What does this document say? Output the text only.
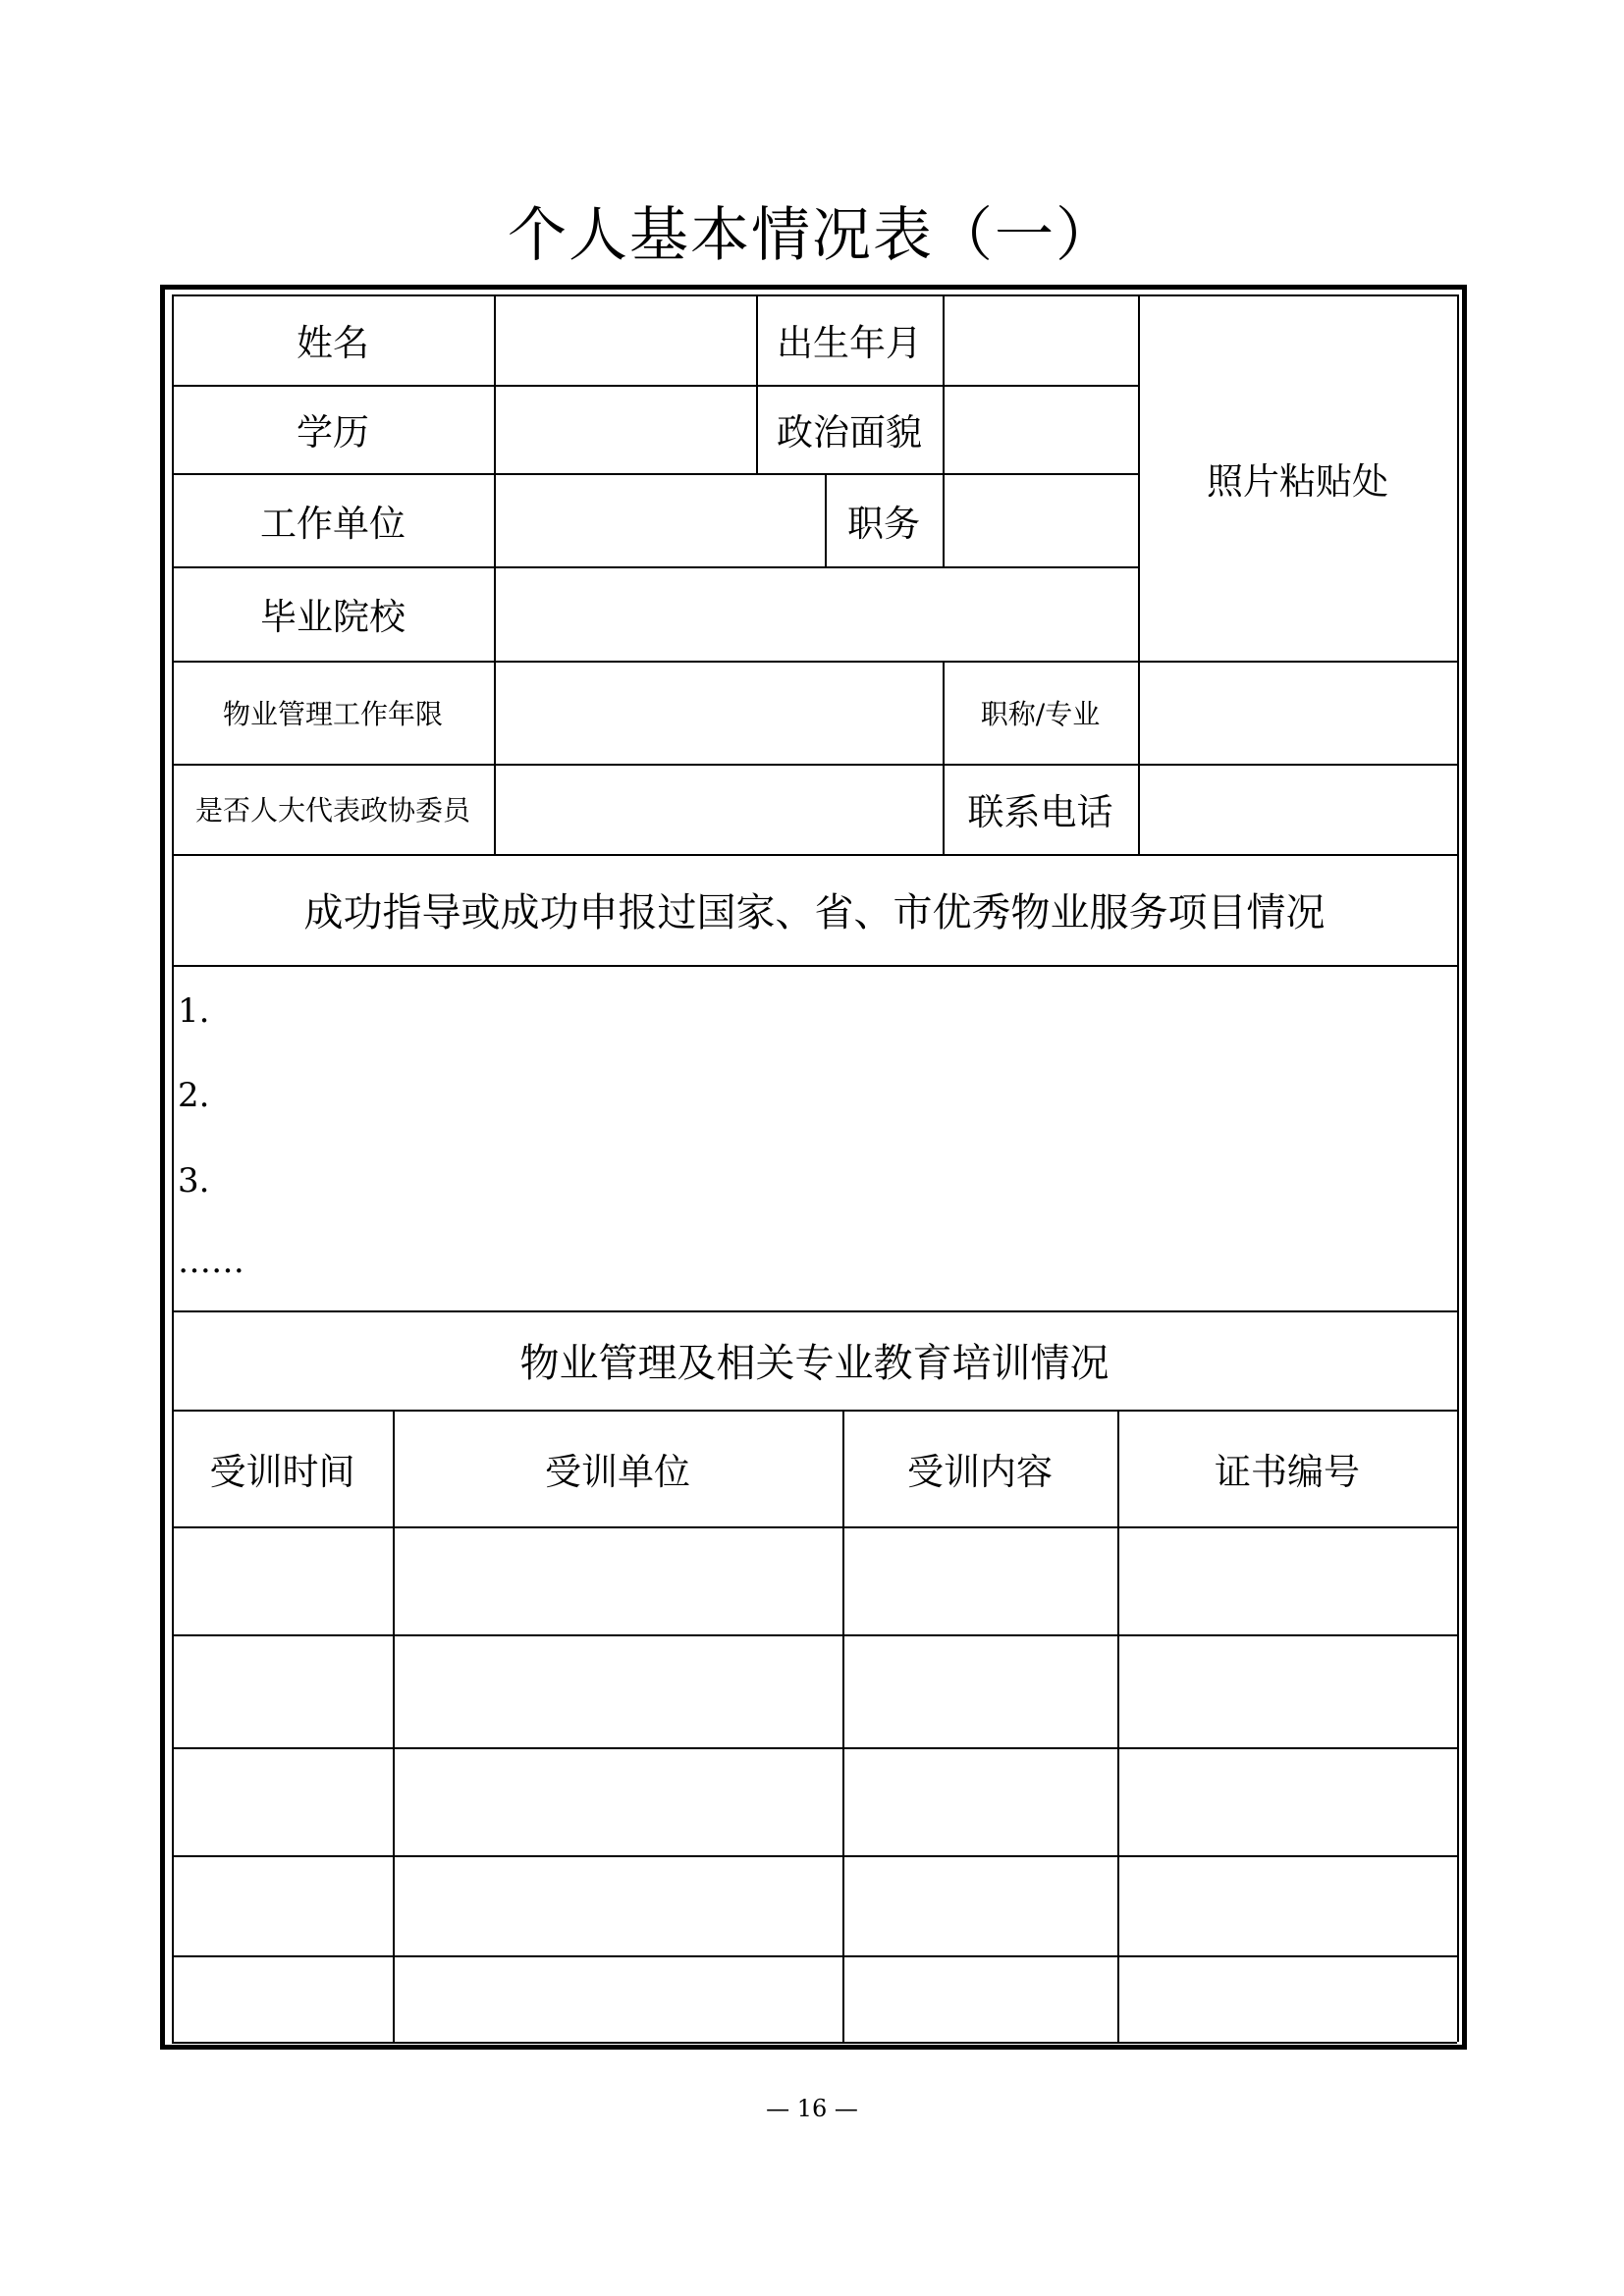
个人基本情况表（一）
姓名	出生年月
照片粘贴处
学历	政治面貌
工作单位	职务
毕业院校
物业管理工作年限	职称/专业
是否人大代表政协委员	联系电话
成功指导或成功申报过国家、省、市优秀物业服务项目情况
1.
2.
3.
……
物业管理及相关专业教育培训情况
受训时间	受训单位	受训内容	证书编号
— 16 —
